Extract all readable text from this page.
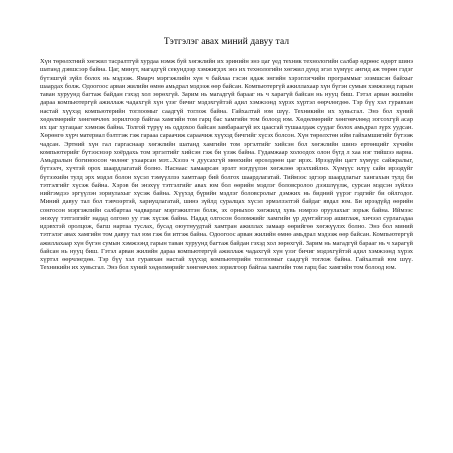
Тэтгэлэг авах миний давуу тал

Хүн төрөлхтний хөгжил тасралтгүй хурдаа нэмж буй хөгжлийн их эринийн энэ цаг үед техник технологийн салбар өдрөөс өдөрт шинэ шатанд дэвшсээр байна. Цаг, минут, магадгүй секундээр хэмжигдэх энэ их технологийн хөгжил дунд эгэл хүмүүс ангид аж төрөн гэдэг бүтэшгүй зүйл болох нь мэдээж. Ямарч мэргэжлийн хүн ч байлаа гэсэн ядаж энгийн хэрэглэгчийн программыг эзэмшсэн байхыг шаардах болж. Одоогоос арван жилийн өмнө амьдрал мэдээж өөр байсан. Компьютергүй ажиллахаар хүн бүгэн сумын хэмжээнд гарын таван хуруунд багтаж байдан гэхэд хол зөрөхгүй. Зарим нь магадгүй барааг нь ч харагүй байсан нь нууц биш. Гэтэл арван жилийн дараа компьютергүй ажиллаж чадахгүй хүн үзэг бичиг мэдэхгүйтэй адил хэмжээнд хүрэх хүртэл өөрчлөгдөө. Тэр бүү хэл гуравхан настай хүүхэд компьютерийн тоглоомыг саадгүй тоглож байна. Гайхалтай юм шүү. Техникийн их хувьсгал. Энэ бол хүний хөдөлмөрийг хөнгөвчлөх зорилгоор байгаа хамгийн том гарц бас хамгийн том болоод юм. Хөдөлмөрийг хөнгөвчлөөд зогсохгүй асар их цаг хугацааг хэмнэж байна. Толгой түрүү нь оддохоо байсан замбараагүй их цаасгай тушаалдаж суудаг болох амьдрал зүрх уудсан. Хөрөнгө хүрч материал бэлтгэж гэж гарааа сараачиж сараачиж хүүхэд бичгийг хүсэх болсон. Хүн төрөлхтөн ийм гайхамшигийг бүтээж чадсан. Эртний хүн гал гаргаснаар хөгжлийн шатанд хамгийн том эргэлтийг хийсэн бол хөгжлийн шинэ ертөнцийг хүчийн компьютерийг бүтээснээр хоёрдахь том эргэлтийг хийсэн гэж би үзэж байна. Гудамжаар холоодох олон бүгд л хаа нэг тийшээ яарна. Амьдралын богиноосон чөлөөг ухаарсан мэт...Хэзээ ч дуусахгүй мөнхийн өрсөлдөөн цаг ирэх. Ирээдүйн цагт хүмүүс сайжралыг, бүтээлч, хүчтэй орох шаардлагатай болно. Наснаас хамаарсан эрэлт нэгдүүлэн хөгжлөө эрэлхийлнэ. Хүмүүс илүү сайн ирээдүйг бүтээхийн тулд эрх мэдэл болон хүсэл тэмүүллээ хамтгаар бий болгох шаардлагатай. Тиймээс эдгээр шаардлагыг хангахын тулд би тэтгэлгийг хүсэж байна. Хэрэв би энэхүү тэтгэлгийг авах юм бол өөрийн мэдлэг боловсролоо дээшлүүлж, сурсан мэдсэн зүйлээ нийгэмдээ эргүүлэн зориулахыг хүсэж байна. Хүүхэд бүрийн мэдлэг боловсролыг дэмжих нь бидний үүрэг гэдгийг би ойлгодог. Миний давуу тал бол тэвчээртэй, хариуцлагатай, шинэ зүйлд суралцах хүсэл эрмэлзэлтэй байдаг явдал юм. Би ирээдүйд өөрийн сонгосон мэргэжлийн салбартаа чадварлаг мэргэжилтэн болж, эх орныхоо хөгжилд хувь нэмрээ оруулахыг зорьж байна. Иймээс энэхүү тэтгэлгийг надад олгоно уу гэж хүсэж байна. Надад олгосон боломжийг хамгийн үр дүнтэйгээр ашиглаж, хичээл сурлагадаа идэвхтэй оролцож, багш нартаа туслах, бусад оюутнуудтай хамтран ажиллах замаар өөрийгөө хөгжүүлэх болно. Энэ бол миний тэтгэлэг авах хамгийн том давуу тал юм гэж би итгэж байна. Одоогоос арван жилийн өмнө амьдрал мэдээж өөр байсан. Компьютергүй ажиллахаар хүн бүгэн сумын хэмжээнд гарын таван хуруунд багтаж байдан гэхэд хол зөрөхгүй. Зарим нь магадгүй барааг нь ч харагүй байсан нь нууц биш. Гэтэл арван жилийн дараа компьютергүй ажиллаж чадахгүй хүн үзэг бичиг мэдэхгүйтэй адил хэмжээнд хүрэх хүртэл өөрчлөгдөө. Тэр бүү хэл гуравхан настай хүүхэд компьютерийн тоглоомыг саадгүй тоглож байна. Гайхалтай юм шүү. Техникийн их хувьсгал. Энэ бол хүний хөдөлмөрийг хөнгөвчлөх зорилгоор байгаа хамгийн том гарц бас хамгийн том болоод юм.
